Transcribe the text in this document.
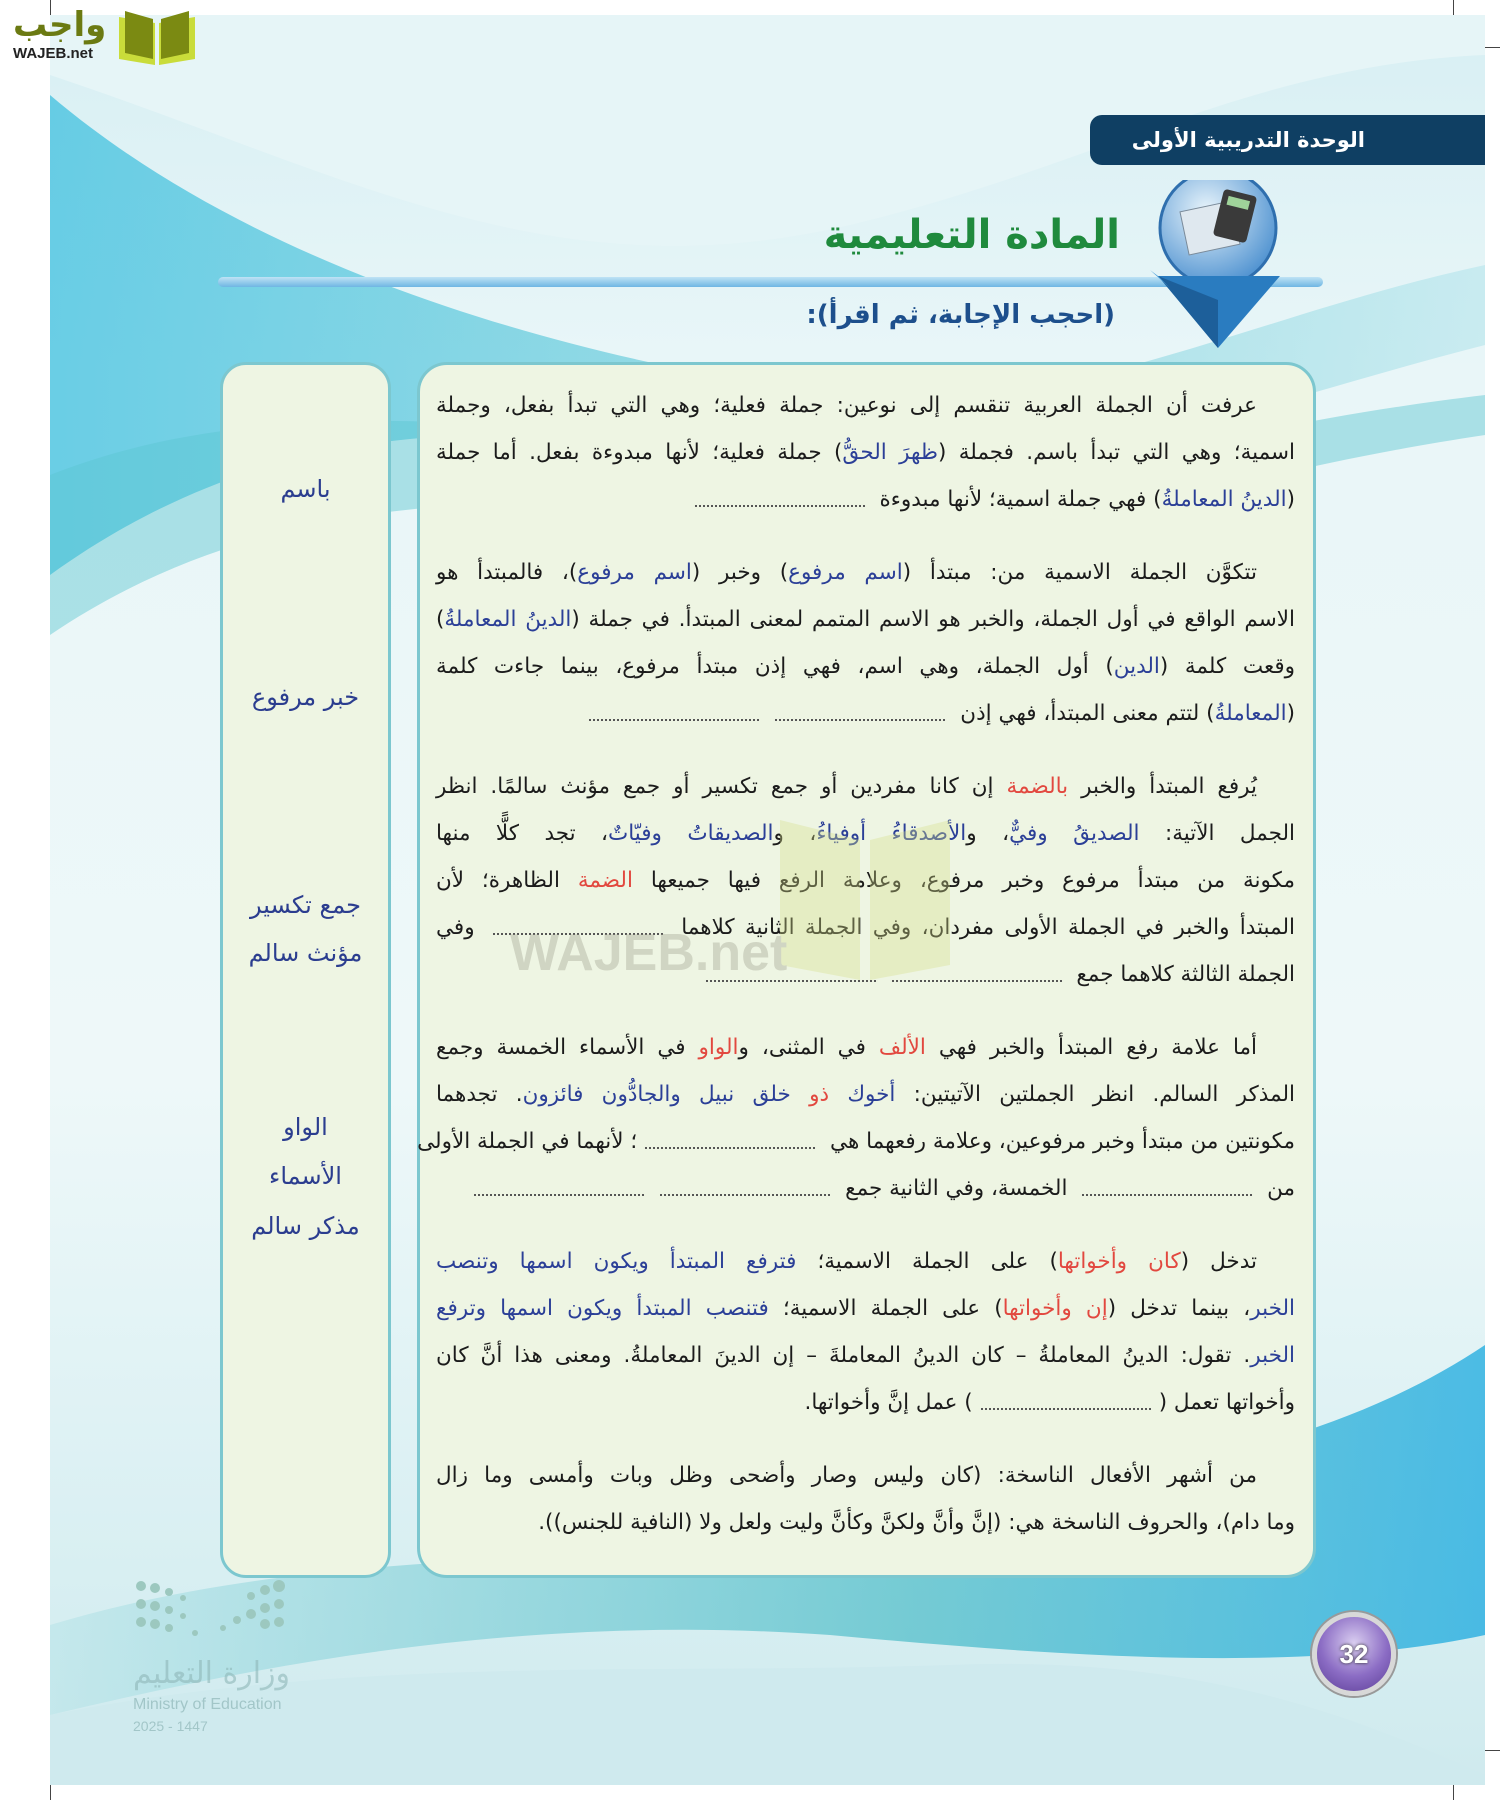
وزارة التعليم
Ministry of Education
2025 - 1447
واجب
WAJEB.net
الوحدة التدريبية الأولى
المادة التعليمية
(احجب الإجابة، ثم اقرأ):
باسم
خبر مرفوع
جمع تكسير
مؤنث سالم
الواو
الأسماء
مذكر سالم
عرفت أن الجملة العربية تنقسم إلى نوعين: جملة فعلية؛ وهي التي تبدأ بفعل، وجملة
اسمية؛ وهي التي تبدأ باسم. فجملة (ظهرَ الحقُّ) جملة فعلية؛ لأنها مبدوءة بفعل. أما جملة
(الدينُ المعاملةُ) فهي جملة اسمية؛ لأنها مبدوءة
تتكوَّن الجملة الاسمية من: مبتدأ (اسم مرفوع) وخبر (اسم مرفوع)، فالمبتدأ هو
الاسم الواقع في أول الجملة، والخبر هو الاسم المتمم لمعنى المبتدأ. في جملة (الدينُ المعاملةُ)
وقعت كلمة (الدين) أول الجملة، وهي اسم، فهي إذن مبتدأ مرفوع، بينما جاءت كلمة
(المعاملةُ) لتتم معنى المبتدأ، فهي إذن
يُرفع المبتدأ والخبر بالضمة إن كانا مفردين أو جمع تكسير أو جمع مؤنث سالمًا. انظر
الجمل الآتية: الصديقُ وفيٌّ، والأصدقاءُ أوفياءُ، والصديقاتُ وفيّاتٌ، تجد كلًّا منها
مكونة من مبتدأ مرفوع وخبر مرفوع، وعلامة الرفع فيها جميعها الضمة الظاهرة؛ لأن
المبتدأ والخبر في الجملة الأولى مفردان، وفي الجملة الثانية كلاهما  وفي
الجملة الثالثة كلاهما جمع
أما علامة رفع المبتدأ والخبر فهي الألف في المثنى، والواو في الأسماء الخمسة وجمع
المذكر السالم. انظر الجملتين الآتيتين: أخوك ذو خلق نبيل والجادُّون فائزون. تجدهما
مكونتين من مبتدأ وخبر مرفوعين، وعلامة رفعهما هي ؛ لأنهما في الجملة الأولى
من  الخمسة، وفي الثانية جمع
تدخل (كان وأخواتها) على الجملة الاسمية؛ فترفع المبتدأ ويكون اسمها وتنصب
الخبر، بينما تدخل (إن وأخواتها) على الجملة الاسمية؛ فتنصب المبتدأ ويكون اسمها وترفع
الخبر. تقول: الدينُ المعاملةُ – كان الدينُ المعاملةَ – إن الدينَ المعاملةُ. ومعنى هذا أنَّ كان
وأخواتها تعمل () عمل إنَّ وأخواتها.
من أشهر الأفعال الناسخة: (كان وليس وصار وأضحى وظل وبات وأمسى وما زال
وما دام)، والحروف الناسخة هي: (إنَّ وأنَّ ولكنَّ وكأنَّ وليت ولعل ولا (النافية للجنس)).
WAJEB.net
32
